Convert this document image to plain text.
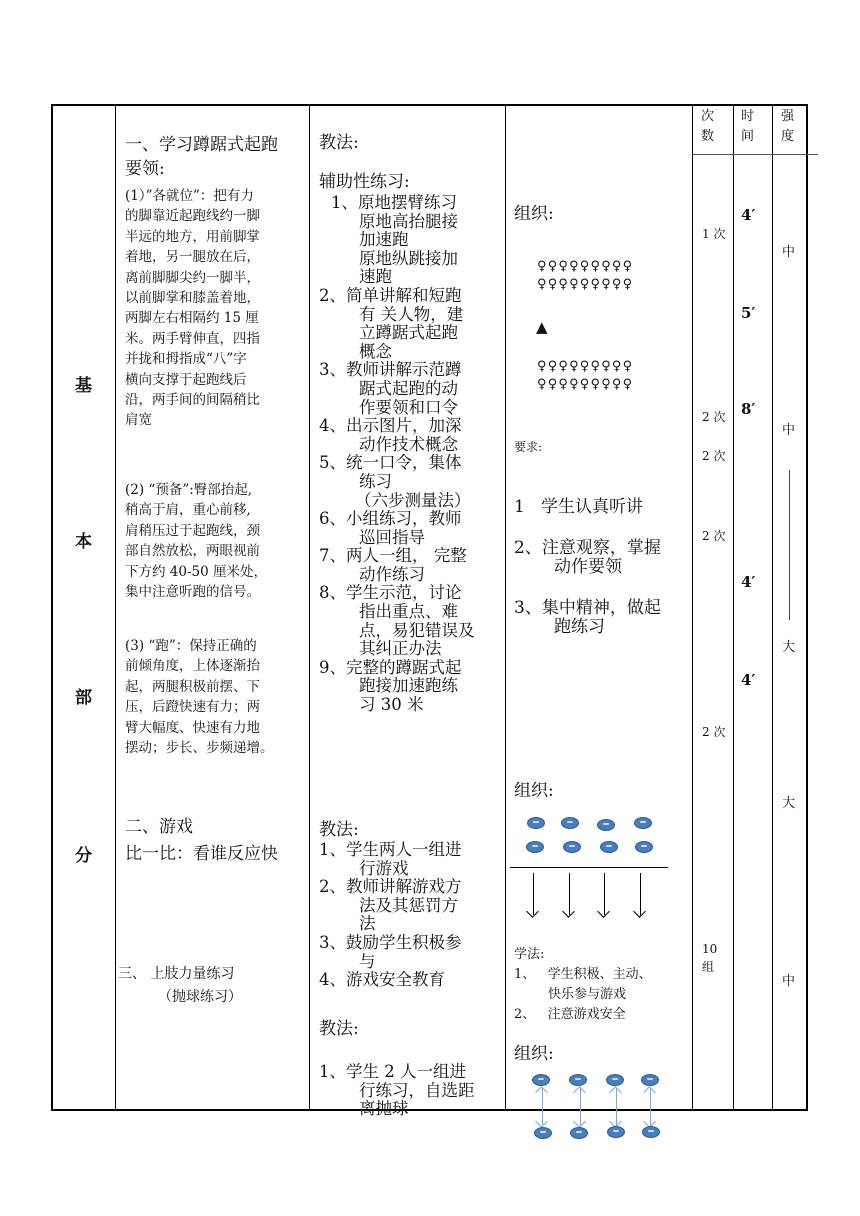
基
本
部
分
一、学习蹲踞式起跑
要领:
(1）”各就位”：把有力
的脚靠近起跑线约一脚
半远的地方，用前脚掌
着地，另一腿放在后，
离前脚脚尖约一脚半，
以前脚掌和膝盖着地，
两脚左右相隔约 15 厘
米。两手臂伸直，四指
并拢和拇指成“八”字
横向支撑于起跑线后
沿，两手间的间隔稍比
肩宽
(2) “预备”:臀部抬起,
稍高于肩，重心前移,
肩稍压过于起跑线，颈
部自然放松，两眼视前
下方约 40-50 厘米处，
集中注意听跑的信号。
(3) “跑”：保持正确的
前倾角度，上体逐渐抬
起，两腿积极前摆、下
压，后蹬快速有力；两
臂大幅度、快速有力地
摆动；步长、步频递增。
二、游戏
比一比：看谁反应快
三、 上肢力量练习
（抛球练习）
教法:
辅助性练习:
1、原地摆臂练习
原地高抬腿接
加速跑
原地纵跳接加
速跑
2、简单讲解和短跑
有 关人物，建
立蹲踞式起跑
概念
3、教师讲解示范蹲
踞式起跑的动
作要领和口令
4、出示图片，加深
动作技术概念
5、统一口令，集体
练习
（六步测量法）
6、小组练习，教师
巡回指导
7、两人一组， 完整
动作练习
8、学生示范，讨论
指出重点、难
点，易犯错误及
其纠正办法
9、完整的蹲踞式起
跑接加速跑练
习 30 米
教法:
1、学生两人一组进
行游戏
2、教师讲解游戏方
法及其惩罚方
法
3、鼓励学生积极参
与
4、游戏安全教育
教法:
1、学生 2 人一组进
行练习，自选距
离抛球
组织:
♀♀♀♀♀♀♀♀♀
♀♀♀♀♀♀♀♀♀
▲
♀♀♀♀♀♀♀♀♀
♀♀♀♀♀♀♀♀♀
要求:
1   学生认真听讲
2、注意观察，掌握
动作要领
3、集中精神，做起
跑练习
组织:
学法:
1、   学生积极、主动、
快乐参与游戏
2、   注意游戏安全
组织:
次
数
时
间
强
度
1 次
2 次
2 次
2 次
2 次
10
组
4′
5′
8′
4′
4′
中
中
大
大
中
